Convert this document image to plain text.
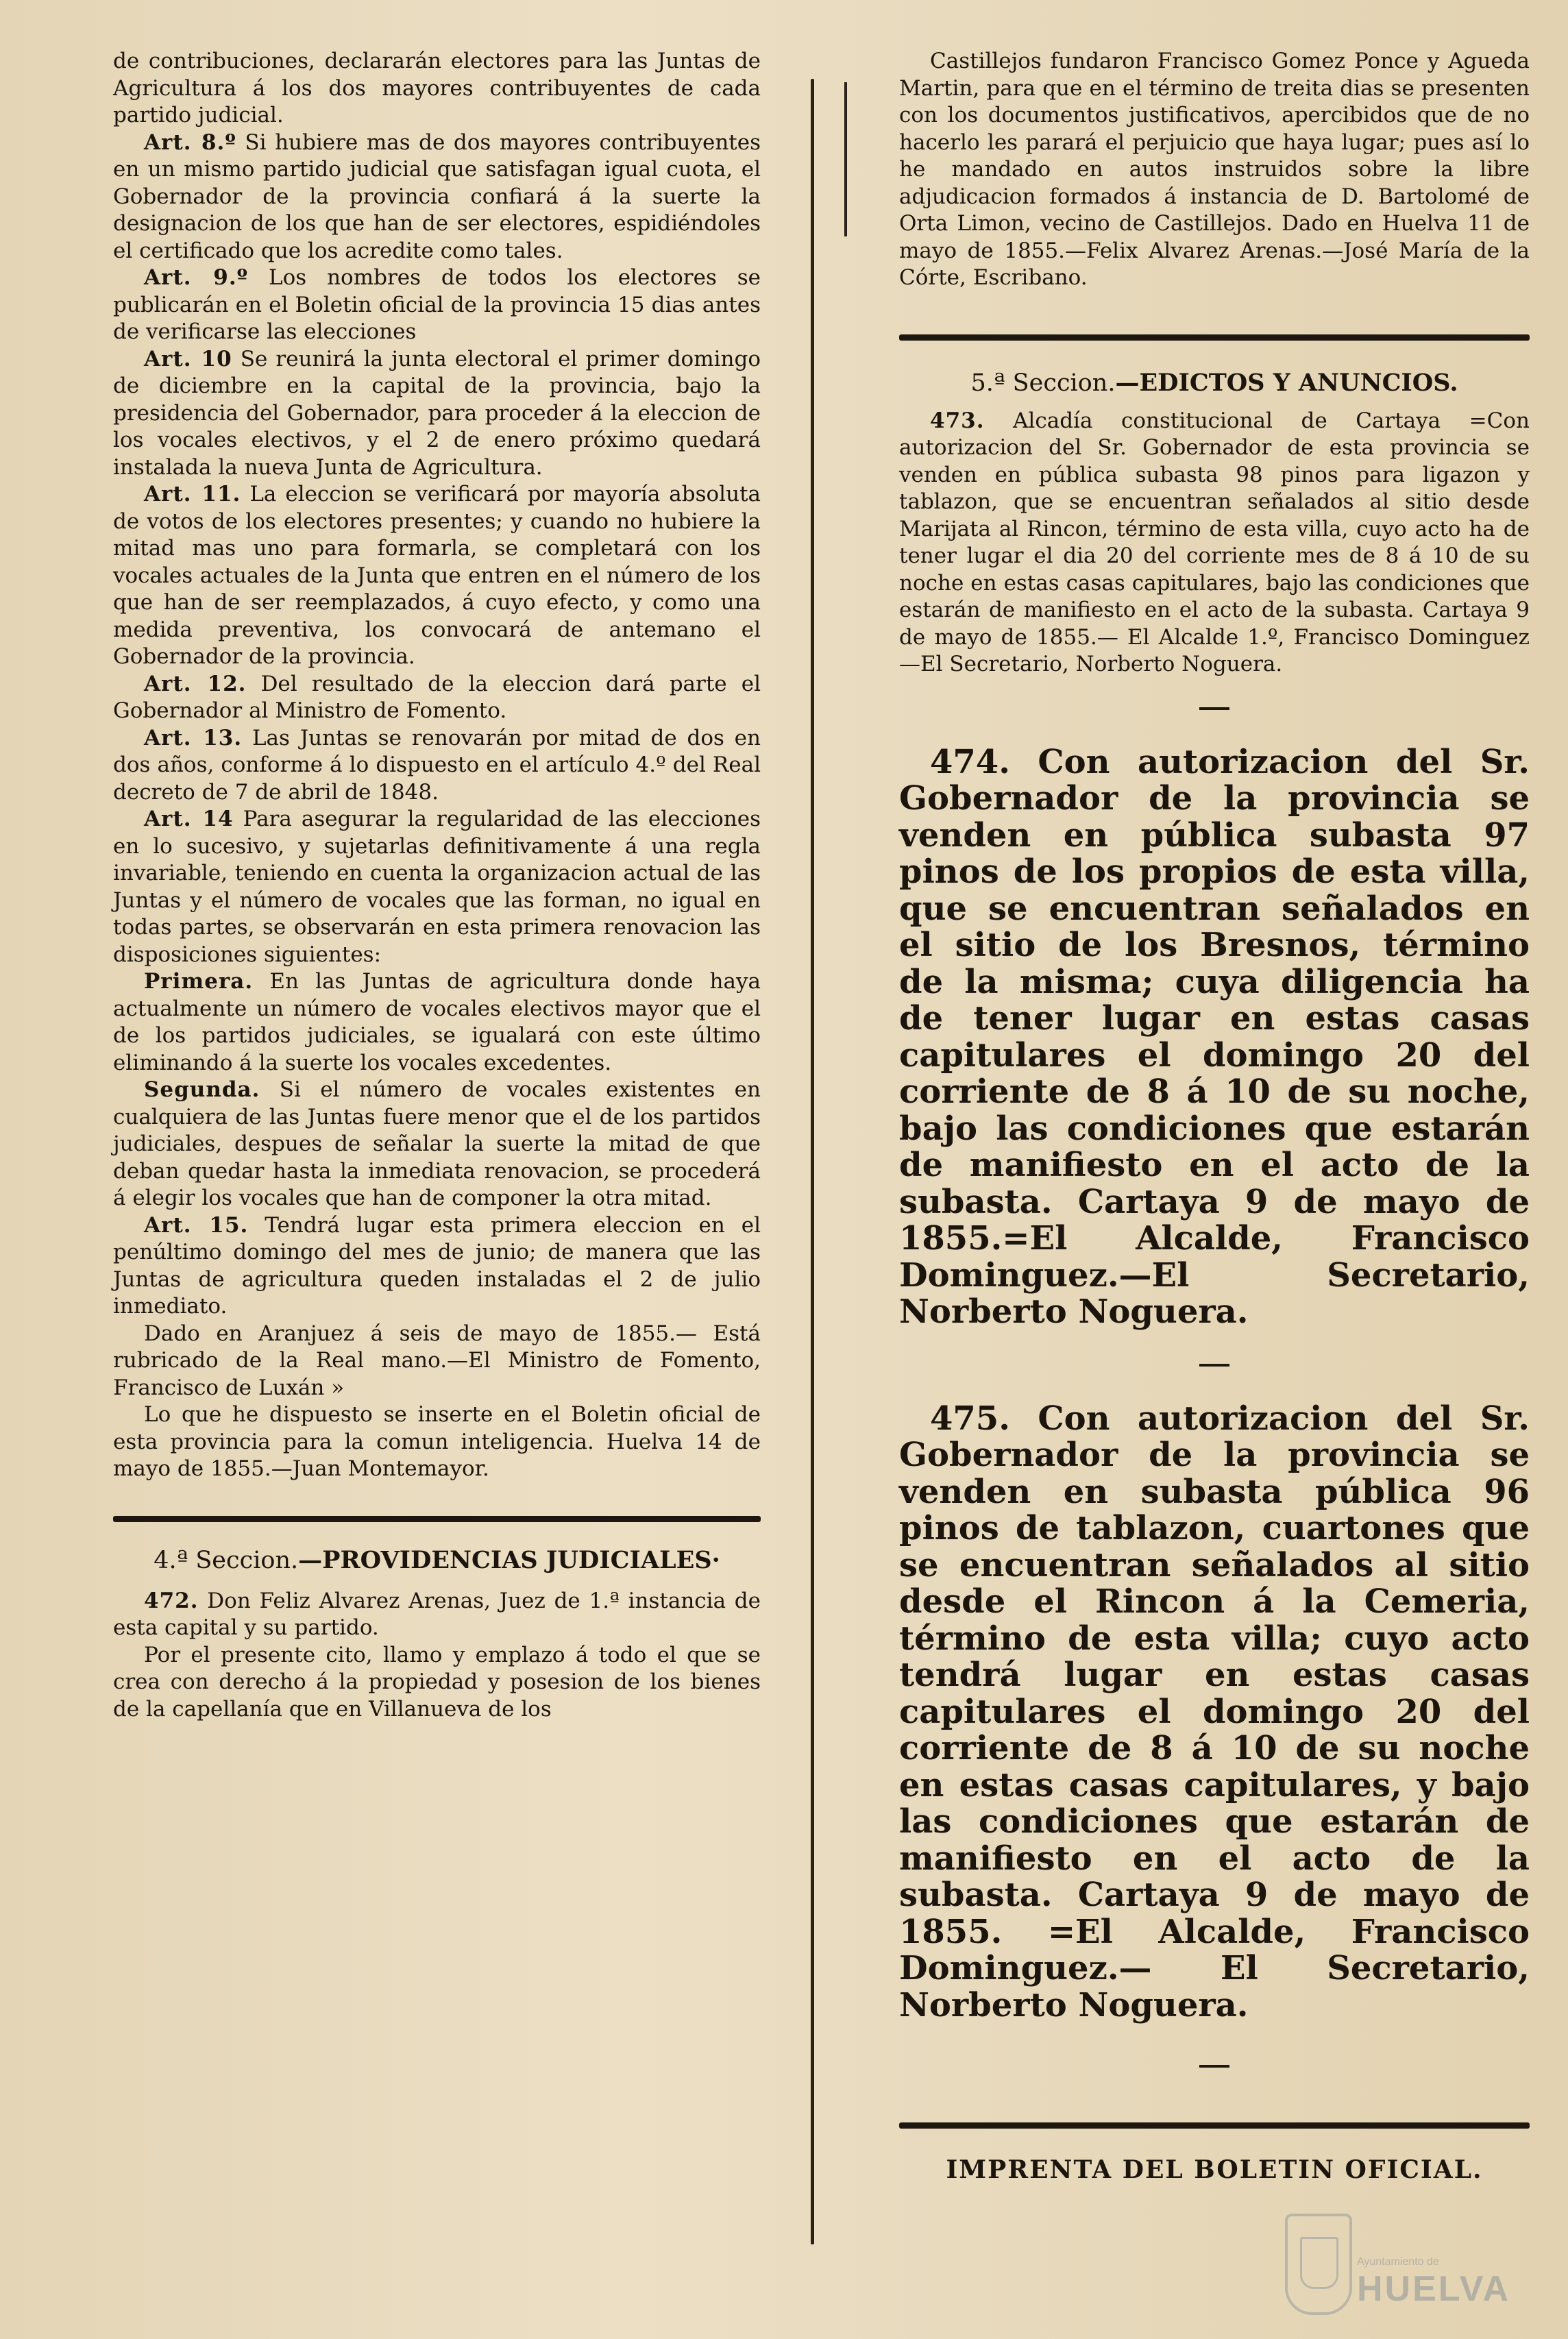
de contribuciones, declararán electores para las Juntas de Agricultura á los dos mayores contribuyentes de cada partido judicial.

Art. 8.º Si hubiere mas de dos mayores contribuyentes en un mismo partido judicial que satisfagan igual cuota, el Gobernador de la provincia confiará á la suerte la designacion de los que han de ser electores, espidiéndoles el certificado que los acredite como tales.

Art. 9.º Los nombres de todos los electores se publicarán en el Boletin oficial de la provincia 15 dias antes de verificarse las elecciones

Art. 10 Se reunirá la junta electoral el primer domingo de diciembre en la capital de la provincia, bajo la presidencia del Gobernador, para proceder á la eleccion de los vocales electivos, y el 2 de enero próximo quedará instalada la nueva Junta de Agricultura.

Art. 11. La eleccion se verificará por mayoría absoluta de votos de los electores presentes; y cuando no hubiere la mitad mas uno para formarla, se completará con los vocales actuales de la Junta que entren en el número de los que han de ser reemplazados, á cuyo efecto, y como una medida preventiva, los convocará de antemano el Gobernador de la provincia.

Art. 12. Del resultado de la eleccion dará parte el Gobernador al Ministro de Fomento.

Art. 13. Las Juntas se renovarán por mitad de dos en dos años, conforme á lo dispuesto en el artículo 4.º del Real decreto de 7 de abril de 1848.

Art. 14 Para asegurar la regularidad de las elecciones en lo sucesivo, y sujetarlas definitivamente á una regla invariable, teniendo en cuenta la organizacion actual de las Juntas y el número de vocales que las forman, no igual en todas partes, se observarán en esta primera renovacion las disposiciones siguientes:

Primera. En las Juntas de agricultura donde haya actualmente un número de vocales electivos mayor que el de los partidos judiciales, se igualará con este último eliminando á la suerte los vocales excedentes.

Segunda. Si el número de vocales existentes en cualquiera de las Juntas fuere menor que el de los partidos judiciales, despues de señalar la suerte la mitad de que deban quedar hasta la inmediata renovacion, se procederá á elegir los vocales que han de componer la otra mitad.

Art. 15. Tendrá lugar esta primera eleccion en el penúltimo domingo del mes de junio; de manera que las Juntas de agricultura queden instaladas el 2 de julio inmediato.

Dado en Aranjuez á seis de mayo de 1855.— Está rubricado de la Real mano.—El Ministro de Fomento, Francisco de Luxán »

Lo que he dispuesto se inserte en el Boletin oficial de esta provincia para la comun inteligencia. Huelva 14 de mayo de 1855.—Juan Montemayor.

4.ª Seccion.—PROVIDENCIAS JUDICIALES·

472. Don Feliz Alvarez Arenas, Juez de 1.ª instancia de esta capital y su partido.

Por el presente cito, llamo y emplazo á todo el que se crea con derecho á la propiedad y posesion de los bienes de la capellanía que en Villanueva de los

Castillejos fundaron Francisco Gomez Ponce y Agueda Martin, para que en el término de treita dias se presenten con los documentos justificativos, apercibidos que de no hacerlo les parará el perjuicio que haya lugar; pues así lo he mandado en autos instruidos sobre la libre adjudicacion formados á instancia de D. Bartolomé de Orta Limon, vecino de Castillejos. Dado en Huelva 11 de mayo de 1855.—Felix Alvarez Arenas.—José María de la Córte, Escribano.

5.ª Seccion.—EDICTOS Y ANUNCIOS.

473. Alcadía constitucional de Cartaya =Con autorizacion del Sr. Gobernador de esta provincia se venden en pública subasta 98 pinos para ligazon y tablazon, que se encuentran señalados al sitio desde Marijata al Rincon, término de esta villa, cuyo acto ha de tener lugar el dia 20 del corriente mes de 8 á 10 de su noche en estas casas capitulares, bajo las condiciones que estarán de manifiesto en el acto de la subasta. Cartaya 9 de mayo de 1855.— El Alcalde 1.º, Francisco Dominguez —El Secretario, Norberto Noguera.

474. Con autorizacion del Sr. Gobernador de la provincia se venden en pública subasta 97 pinos de los propios de esta villa, que se encuentran señalados en el sitio de los Bresnos, término de la misma; cuya diligencia ha de tener lugar en estas casas capitulares el domingo 20 del corriente de 8 á 10 de su noche, bajo las condiciones que estarán de manifiesto en el acto de la subasta. Cartaya 9 de mayo de 1855.=El Alcalde, Francisco Dominguez.—El Secretario, Norberto Noguera.

475. Con autorizacion del Sr. Gobernador de la provincia se venden en subasta pública 96 pinos de tablazon, cuartones que se encuentran señalados al sitio desde el Rincon á la Cemeria, término de esta villa; cuyo acto tendrá lugar en estas casas capitulares el domingo 20 del corriente de 8 á 10 de su noche en estas casas capitulares, y bajo las condiciones que estarán de manifiesto en el acto de la subasta. Cartaya 9 de mayo de 1855. =El Alcalde, Francisco Dominguez.— El Secretario, Norberto Noguera.

IMPRENTA DEL BOLETIN OFICIAL.

Ayuntamiento de
HUELVA
